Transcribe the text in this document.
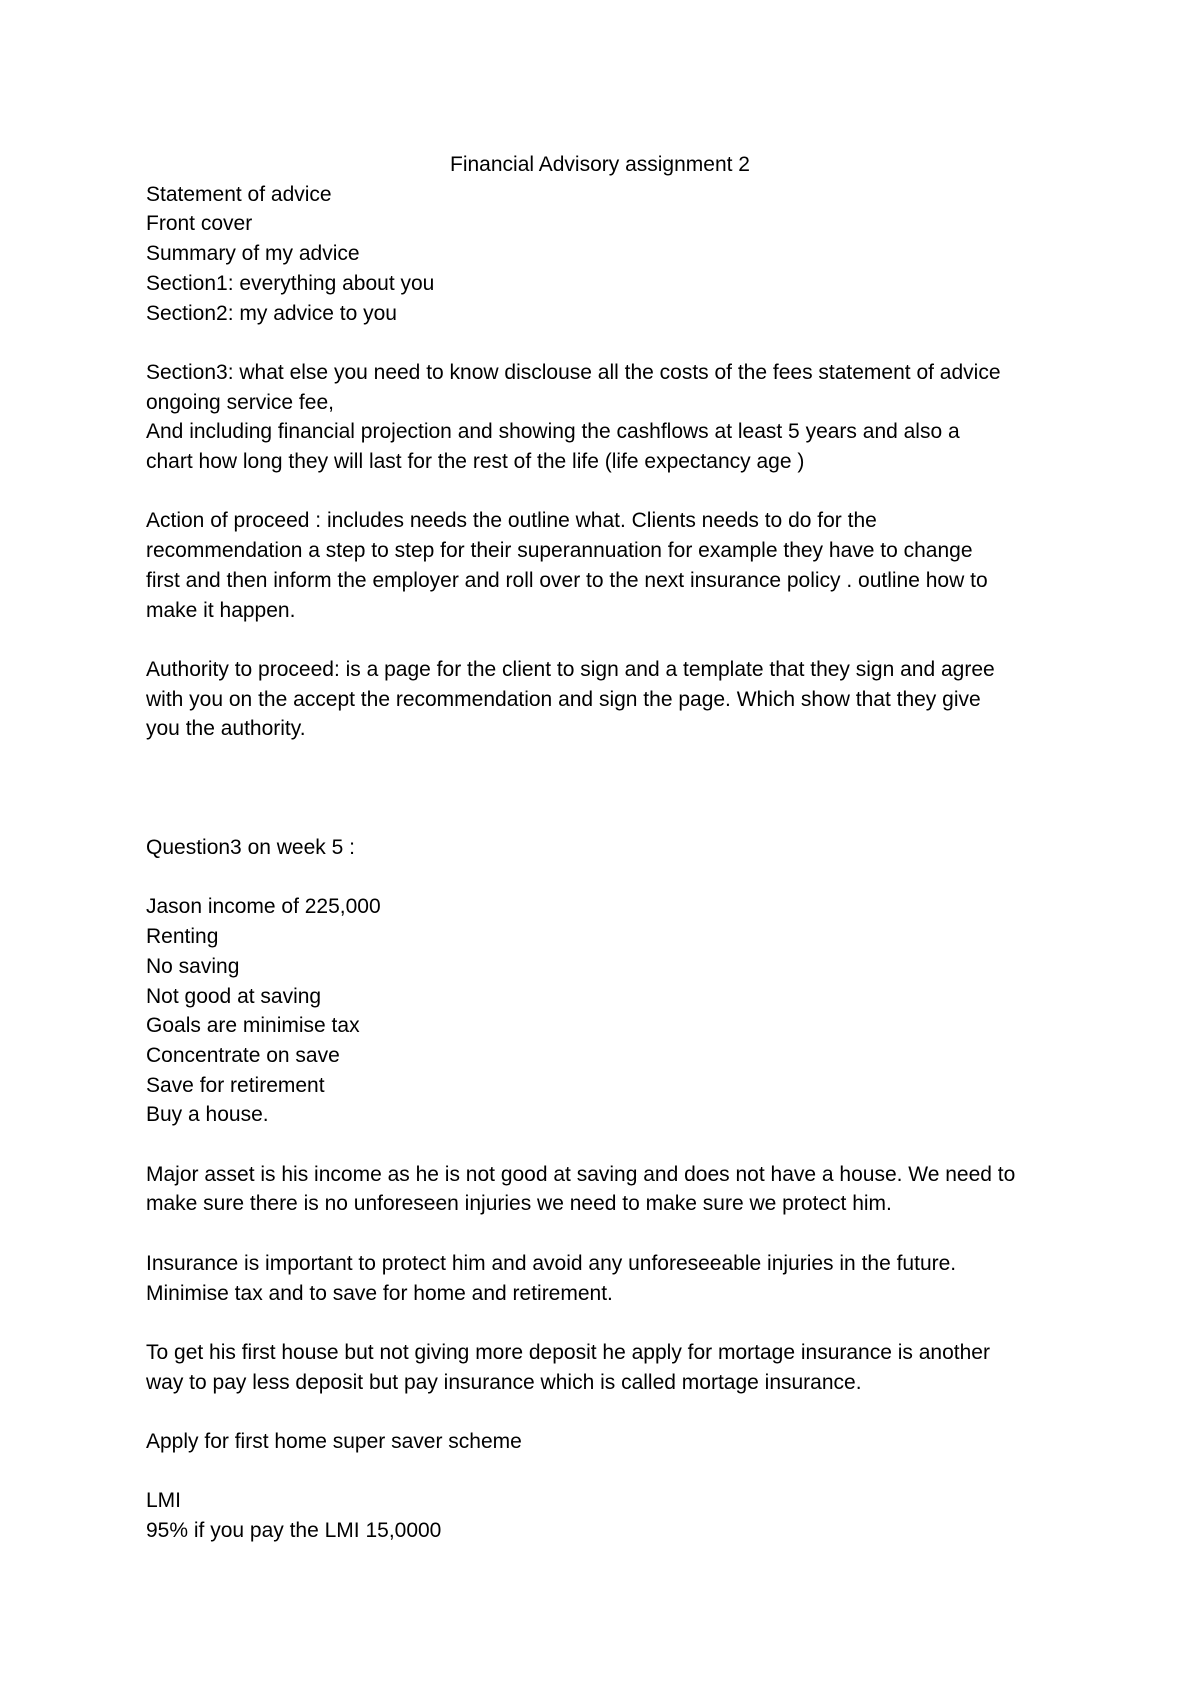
Financial Advisory assignment 2

Statement of advice

Front cover

Summary of my advice

Section1: everything about you

Section2: my advice to you

Section3: what else you need to know disclouse all the costs of the fees statement of advice

ongoing service fee,

And including financial projection and showing the cashflows at least 5 years and also a

chart how long they will last for the rest of the life (life expectancy age )

Action of proceed : includes needs the outline what. Clients needs to do for the

recommendation a step to step for their superannuation for example they have to change

first and then inform the employer and roll over to the next insurance policy . outline how to

make it happen.

Authority to proceed: is a page for the client to sign and a template that they sign and agree

with you on the accept the recommendation and sign the page. Which show that they give

you the authority.

Question3 on week 5 :

Jason income of 225,000

Renting

No saving

Not good at saving

Goals are minimise tax

Concentrate on save

Save for retirement

Buy a house.

Major asset is his income as he is not good at saving and does not have a house. We need to

make sure there is no unforeseen injuries we need to make sure we protect him.

Insurance is important to protect him and avoid any unforeseeable injuries in the future.

Minimise tax and to save for home and retirement.

To get his first house but not giving more deposit he apply for mortage insurance is another

way to pay less deposit but pay insurance which is called mortage insurance.

Apply for first home super saver scheme

LMI

95% if you pay the LMI 15,0000
